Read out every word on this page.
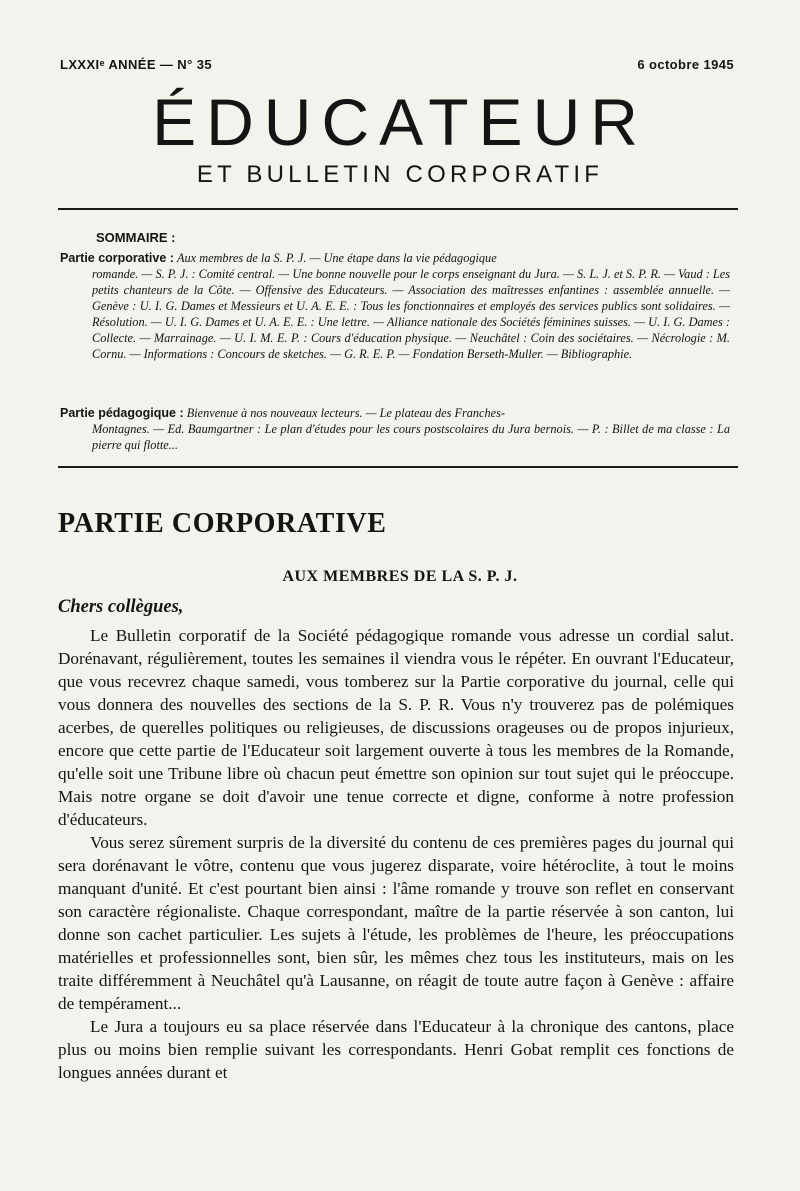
LXXXIᵉ ANNÉE — N° 35	6 octobre 1945
ÉDUCATEUR
ET BULLETIN CORPORATIF
SOMMAIRE :
Partie corporative : Aux membres de la S. P. J. — Une étape dans la vie pédagogique
romande. — S. P. J. : Comité central. — Une bonne nouvelle pour le corps enseignant du Jura. — S. L. J. et S. P. R. — Vaud : Les petits chanteurs de la Côte. — Offensive des Educateurs. — Association des maîtresses enfantines : assemblée annuelle. — Genève : U. I. G. Dames et Messieurs et U. A. E. E. : Tous les fonctionnaires et employés des services publics sont solidaires. — Résolution. — U. I. G. Dames et U. A. E. E. : Une lettre. — Alliance nationale des Sociétés féminines suisses. — U. I. G. Dames : Collecte. — Marrainage. — U. I. M. E. P. : Cours d'éducation physique. — Neuchâtel : Coin des sociétaires. — Nécrologie : M. Cornu. — Informations : Concours de sketches. — G. R. E. P. — Fondation Berseth-Muller. — Bibliographie.
Partie pédagogique : Bienvenue à nos nouveaux lecteurs. — Le plateau des Franches-
Montagnes. — Ed. Baumgartner : Le plan d'études pour les cours postscolaires du Jura bernois. — P. : Billet de ma classe : La pierre qui flotte...
PARTIE CORPORATIVE
AUX MEMBRES DE LA S. P. J.
Chers collègues,

Le Bulletin corporatif de la Société pédagogique romande vous adresse un cordial salut. Dorénavant, régulièrement, toutes les semaines il viendra vous le répéter. En ouvrant l'Educateur, que vous recevrez chaque samedi, vous tomberez sur la Partie corporative du journal, celle qui vous donnera des nouvelles des sections de la S. P. R. Vous n'y trouverez pas de polémiques acerbes, de querelles politiques ou religieuses, de discussions orageuses ou de propos injurieux, encore que cette partie de l'Educateur soit largement ouverte à tous les membres de la Romande, qu'elle soit une Tribune libre où chacun peut émettre son opinion sur tout sujet qui le préoccupe. Mais notre organe se doit d'avoir une tenue correcte et digne, conforme à notre profession d'éducateurs.

Vous serez sûrement surpris de la diversité du contenu de ces premières pages du journal qui sera dorénavant le vôtre, contenu que vous jugerez disparate, voire hétéroclite, à tout le moins manquant d'unité. Et c'est pourtant bien ainsi : l'âme romande y trouve son reflet en conservant son caractère régionaliste. Chaque correspondant, maître de la partie réservée à son canton, lui donne son cachet particulier. Les sujets à l'étude, les problèmes de l'heure, les préoccupations matérielles et professionnelles sont, bien sûr, les mêmes chez tous les instituteurs, mais on les traite différemment à Neuchâtel qu'à Lausanne, on réagit de toute autre façon à Genève : affaire de tempérament...

Le Jura a toujours eu sa place réservée dans l'Educateur à la chronique des cantons, place plus ou moins bien remplie suivant les correspondants. Henri Gobat remplit ces fonctions de longues années durant et
